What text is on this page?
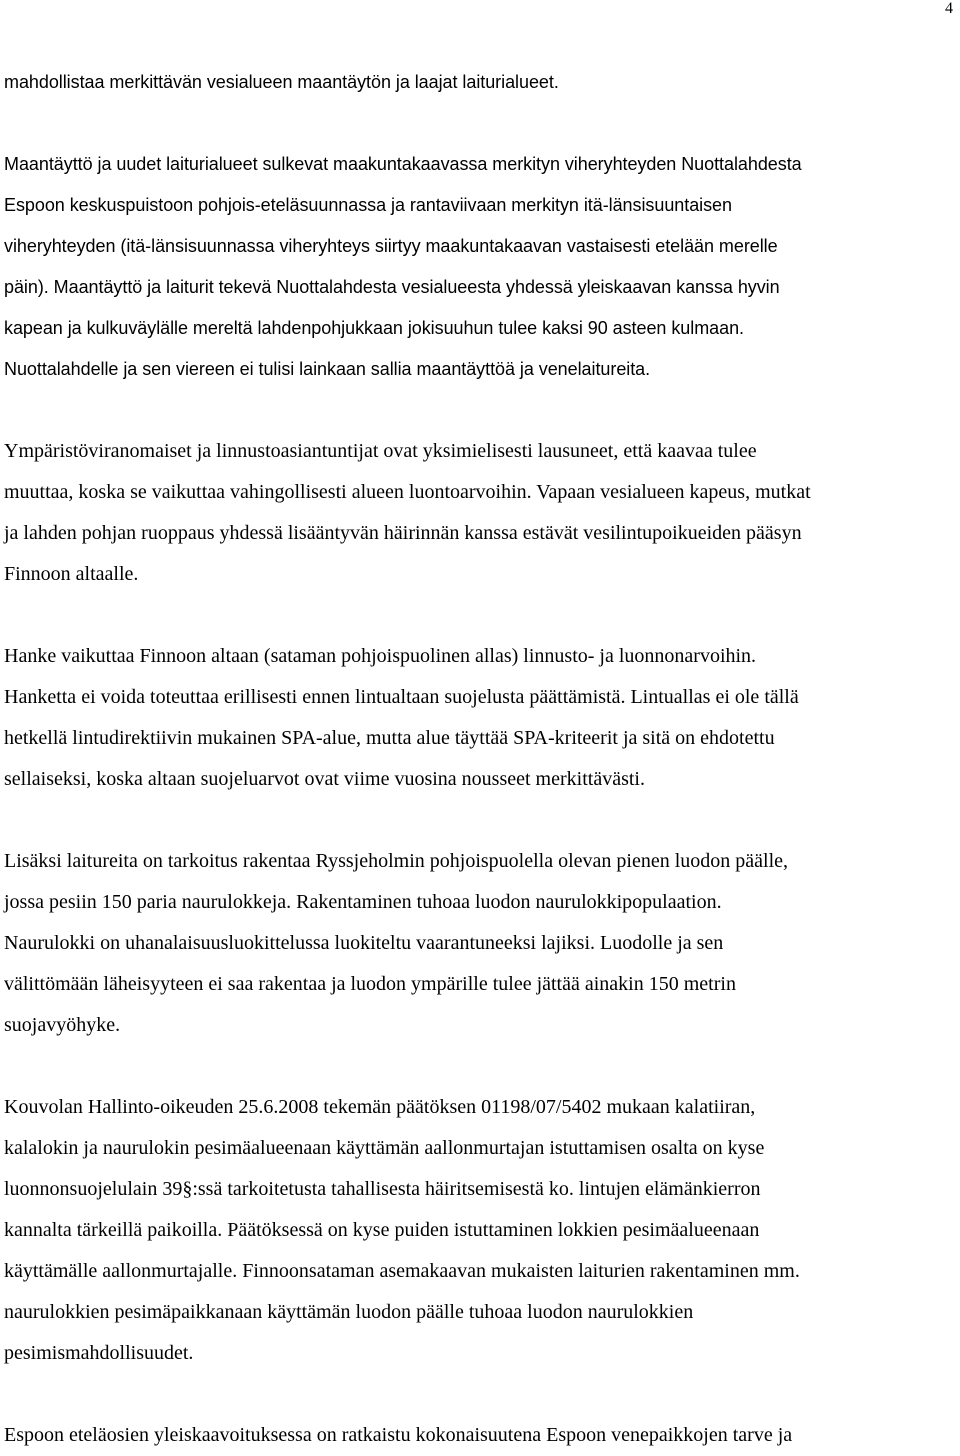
4
mahdollistaa merkittävän vesialueen maantäytön ja laajat laiturialueet.
Maantäyttö ja uudet laiturialueet sulkevat maakuntakaavassa merkityn viheryhteyden Nuottalahdesta
Espoon keskuspuistoon pohjois-eteläsuunnassa ja rantaviivaan merkityn itä-länsisuuntaisen
viheryhteyden (itä-länsisuunnassa viheryhteys siirtyy maakuntakaavan vastaisesti etelään merelle
päin). Maantäyttö ja laiturit tekevä Nuottalahdesta vesialueesta yhdessä yleiskaavan kanssa hyvin
kapean ja kulkuväylälle mereltä lahdenpohjukkaan jokisuuhun tulee kaksi 90 asteen kulmaan.
Nuottalahdelle ja sen viereen ei tulisi lainkaan sallia maantäyttöä ja venelaitureita.
Ympäristöviranomaiset ja linnustoasiantuntijat ovat yksimielisesti lausuneet, että kaavaa tulee
muuttaa, koska se vaikuttaa vahingollisesti alueen luontoarvoihin. Vapaan vesialueen kapeus, mutkat
ja lahden pohjan ruoppaus yhdessä lisääntyvän häirinnän kanssa estävät vesilintupoikueiden pääsyn
Finnoon altaalle.
Hanke vaikuttaa Finnoon altaan (sataman pohjoispuolinen allas) linnusto- ja luonnonarvoihin.
Hanketta ei voida toteuttaa erillisesti ennen lintualtaan suojelusta päättämistä. Lintuallas ei ole tällä
hetkellä lintudirektiivin mukainen SPA-alue, mutta alue täyttää SPA-kriteerit ja sitä on ehdotettu
sellaiseksi, koska altaan suojeluarvot ovat viime vuosina nousseet merkittävästi.
Lisäksi laitureita on tarkoitus rakentaa Ryssjeholmin pohjoispuolella olevan pienen luodon päälle,
jossa pesiin 150 paria naurulokkeja. Rakentaminen tuhoaa luodon naurulokkipopulaation.
Naurulokki on uhanalaisuusluokittelussa luokiteltu vaarantuneeksi lajiksi. Luodolle ja sen
välittömään läheisyyteen ei saa rakentaa ja luodon ympärille tulee jättää ainakin 150 metrin
suojavyöhyke.
Kouvolan Hallinto-oikeuden 25.6.2008 tekemän päätöksen 01198/07/5402 mukaan kalatiiran,
kalalokin ja naurulokin pesimäalueenaan käyttämän aallonmurtajan istuttamisen osalta on kyse
luonnonsuojelulain 39§:ssä tarkoitetusta tahallisesta häiritsemisestä ko. lintujen elämänkierron
kannalta tärkeillä paikoilla. Päätöksessä on kyse puiden istuttaminen lokkien pesimäalueenaan
käyttämälle aallonmurtajalle. Finnoonsataman asemakaavan mukaisten laiturien rakentaminen mm.
naurulokkien pesimäpaikkanaan käyttämän luodon päälle tuhoaa luodon naurulokkien
pesimismahdollisuudet.
Espoon eteläosien yleiskaavoituksessa on ratkaistu kokonaisuutena Espoon venepaikkojen tarve ja
